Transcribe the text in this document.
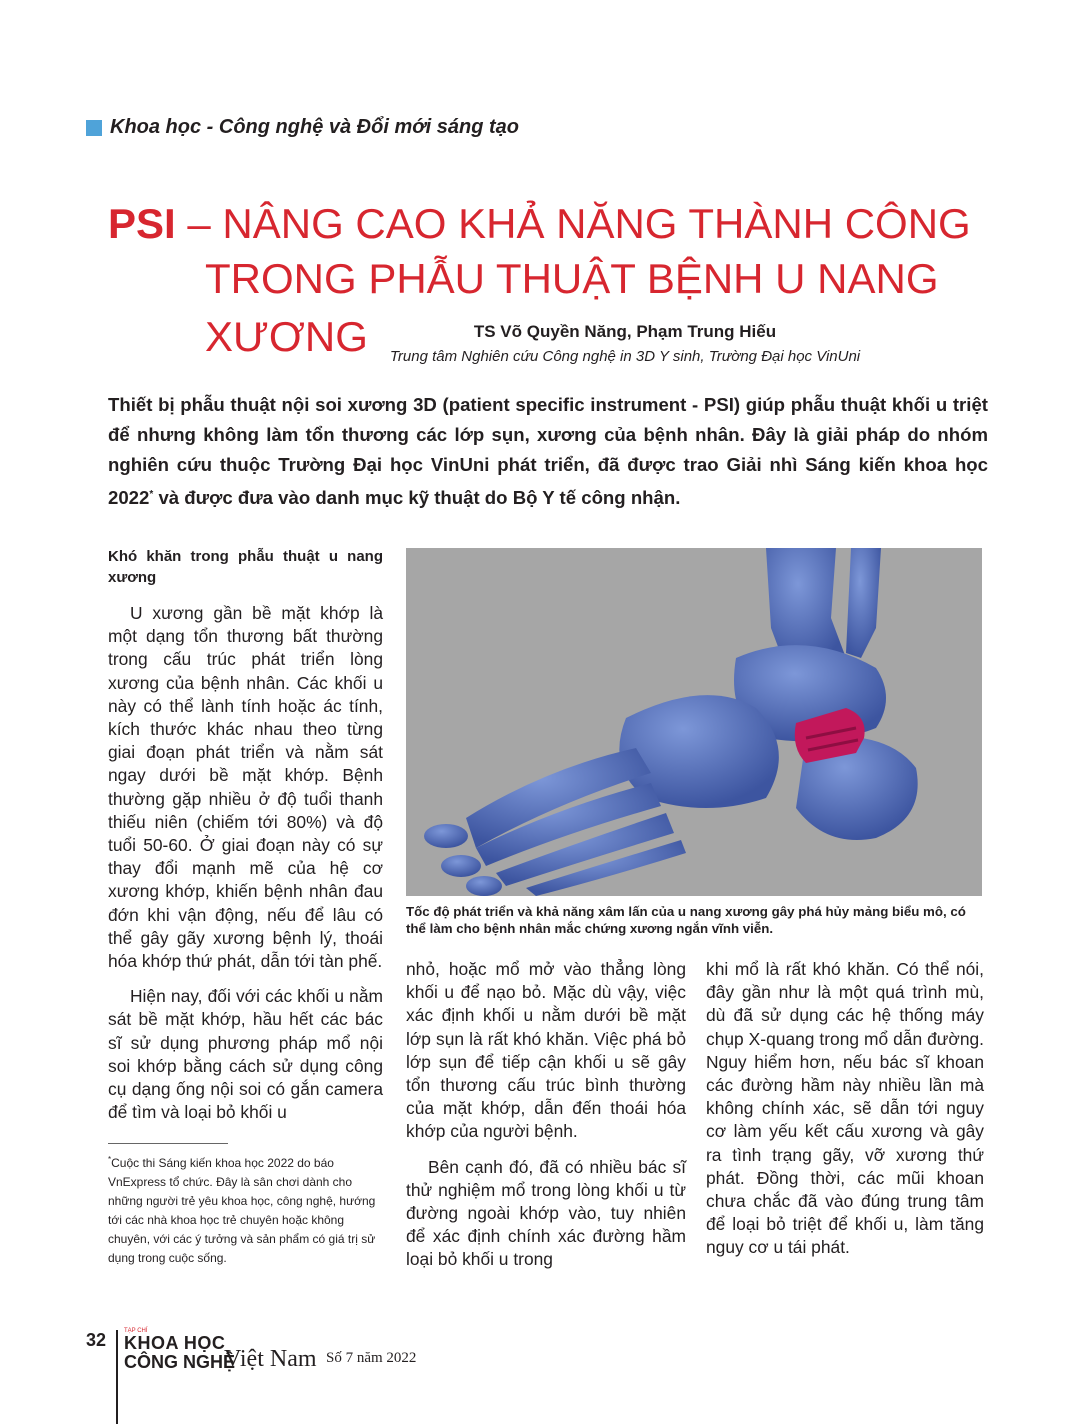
Khoa học - Công nghệ và Đổi mới sáng tạo
PSI – NÂNG CAO KHẢ NĂNG THÀNH CÔNG
TRONG PHẪU THUẬT BỆNH U NANG XƯƠNG	TS Võ Quyền Năng, Phạm Trung Hiếu
Trung tâm Nghiên cứu Công nghệ in 3D Y sinh, Trường Đại học VinUni
Thiết bị phẫu thuật nội soi xương 3D (patient specific instrument - PSI) giúp phẫu thuật khối u triệt để nhưng không làm tổn thương các lớp sụn, xương của bệnh nhân. Đây là giải pháp do nhóm nghiên cứu thuộc Trường Đại học VinUni phát triển, đã được trao Giải nhì Sáng kiến khoa học 2022* và được đưa vào danh mục kỹ thuật do Bộ Y tế công nhận.
Khó khăn trong phẫu thuật u nang xương

U xương gần bề mặt khớp là một dạng tổn thương bất thường trong cấu trúc phát triển lòng xương của bệnh nhân. Các khối u này có thể lành tính hoặc ác tính, kích thước khác nhau theo từng giai đoạn phát triển và nằm sát ngay dưới bề mặt khớp. Bệnh thường gặp nhiều ở độ tuổi thanh thiếu niên (chiếm tới 80%) và độ tuổi 50-60. Ở giai đoạn này có sự thay đổi mạnh mẽ của hệ cơ xương khớp, khiến bệnh nhân đau đớn khi vận động, nếu để lâu có thể gây gãy xương bệnh lý, thoái hóa khớp thứ phát, dẫn tới tàn phế.

Hiện nay, đối với các khối u nằm sát bề mặt khớp, hầu hết các bác sĩ sử dụng phương pháp mổ nội soi khớp bằng cách sử dụng công cụ dạng ống nội soi có gắn camera để tìm và loại bỏ khối u

Tốc độ phát triển và khả năng xâm lấn của u nang xương gây phá hủy mảng biểu mô, có thể làm cho bệnh nhân mắc chứng xương ngắn vĩnh viễn.

nhỏ, hoặc mổ mở vào thẳng lòng khối u để nạo bỏ. Mặc dù vậy, việc xác định khối u nằm dưới bề mặt lớp sụn là rất khó khăn. Việc phá bỏ lớp sụn để tiếp cận khối u sẽ gây tổn thương cấu trúc bình thường của mặt khớp, dẫn đến thoái hóa khớp của người bệnh.

Bên cạnh đó, đã có nhiều bác sĩ thử nghiệm mổ trong lòng khối u từ đường ngoài khớp vào, tuy nhiên để xác định chính xác đường hầm loại bỏ khối u trong

khi mổ là rất khó khăn. Có thể nói, đây gần như là một quá trình mù, dù đã sử dụng các hệ thống máy chụp X-quang trong mổ dẫn đường. Nguy hiểm hơn, nếu bác sĩ khoan các đường hầm này nhiều lần mà không chính xác, sẽ dẫn tới nguy cơ làm yếu kết cấu xương và gây ra tình trạng gãy, vỡ xương thứ phát. Đồng thời, các mũi khoan chưa chắc đã vào đúng trung tâm để loại bỏ triệt để khối u, làm tăng nguy cơ u tái phát.

*Cuộc thi Sáng kiến khoa học 2022 do báo VnExpress tổ chức. Đây là sân chơi dành cho những người trẻ yêu khoa học, công nghệ, hướng tới các nhà khoa học trẻ chuyên hoặc không chuyên, với các ý tưởng và sản phẩm có giá trị sử dụng trong cuộc sống.
32	TẠP CHÍ
KHOA HỌC
CÔNG NGHỆ
Việt Nam Số 7 năm 2022
